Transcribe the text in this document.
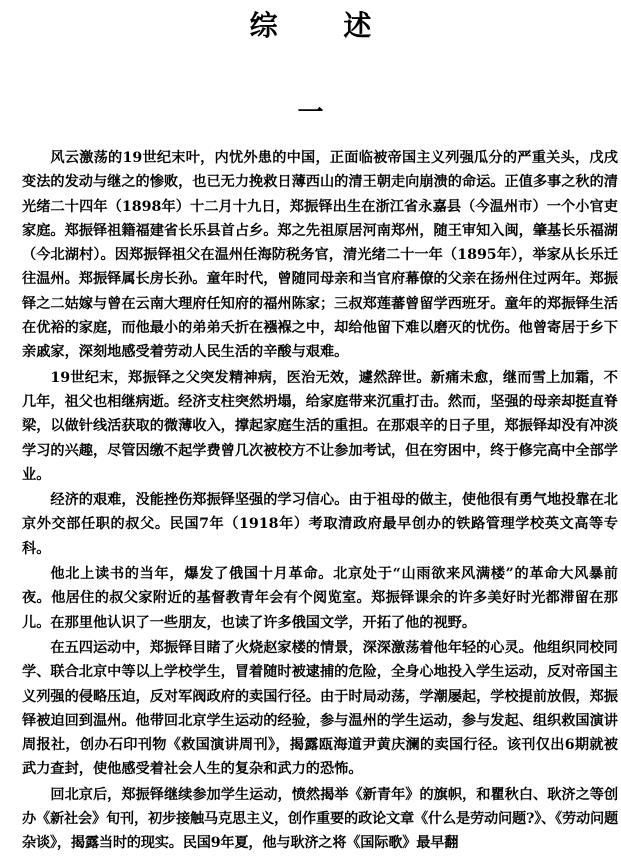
综 述
一

风云激荡的19世纪末叶，内忧外患的中国，正面临被帝国主义列强瓜分的严重关头，戊戌变法的发动与继之的惨败，也已无力挽救日薄西山的清王朝走向崩溃的命运。正值多事之秋的清光绪二十四年（1898年）十二月十九日，郑振铎出生在浙江省永嘉县（今温州市）一个小官吏家庭。郑振铎祖籍福建省长乐县首占乡。郑之先祖原居河南郑州，随王审知入闽，肇基长乐福湖（今北湖村）。因郑振铎祖父在温州任海防税务官，清光绪二十一年（1895年），举家从长乐迁往温州。郑振铎属长房长孙。童年时代，曾随同母亲和当官府幕僚的父亲在扬州住过两年。郑振铎之二姑嫁与曾在云南大理府任知府的福州陈家；三叔郑莲蕃曾留学西班牙。童年的郑振铎生活在优裕的家庭，而他最小的弟弟夭折在襁褓之中，却给他留下难以磨灭的忧伤。他曾寄居于乡下亲戚家，深刻地感受着劳动人民生活的辛酸与艰难。

19世纪末，郑振铎之父突发精神病，医治无效，遽然辞世。新痛未愈，继而雪上加霜，不几年，祖父也相继病逝。经济支柱突然坍塌，给家庭带来沉重打击。然而，坚强的母亲却挺直脊梁，以做针线活获取的微薄收入，撑起家庭生活的重担。在那艰辛的日子里，郑振铎却没有冲淡学习的兴趣，尽管因缴不起学费曾几次被校方不让参加考试，但在穷困中，终于修完高中全部学业。

经济的艰难，没能挫伤郑振铎坚强的学习信心。由于祖母的做主，使他很有勇气地投靠在北京外交部任职的叔父。民国7年（1918年）考取清政府最早创办的铁路管理学校英文高等专科。

他北上读书的当年，爆发了俄国十月革命。北京处于“山雨欲来风满楼”的革命大风暴前夜。他居住的叔父家附近的基督教青年会有个阅览室。郑振铎课余的许多美好时光都滞留在那儿。在那里他认识了一些朋友，也读了许多俄国文学，开拓了他的视野。

在五四运动中，郑振铎目睹了火烧赵家楼的情景，深深激荡着他年轻的心灵。他组织同校同学、联合北京中等以上学校学生，冒着随时被逮捕的危险，全身心地投入学生运动，反对帝国主义列强的侵略压迫，反对军阀政府的卖国行径。由于时局动荡，学潮屡起，学校提前放假，郑振铎被迫回到温州。他带回北京学生运动的经验，参与温州的学生运动，参与发起、组织救国演讲周报社，创办石印刊物《救国演讲周刊》，揭露瓯海道尹黄庆澜的卖国行径。该刊仅出6期就被武力查封，使他感受着社会人生的复杂和武力的恐怖。

回北京后，郑振铎继续参加学生运动，愤然揭举《新青年》的旗帜，和瞿秋白、耿济之等创办《新社会》旬刊，初步接触马克思主义，创作重要的政论文章《什么是劳动问题?》、《劳动问题杂谈》，揭露当时的现实。民国9年夏，他与耿济之将《国际歌》最早翻
